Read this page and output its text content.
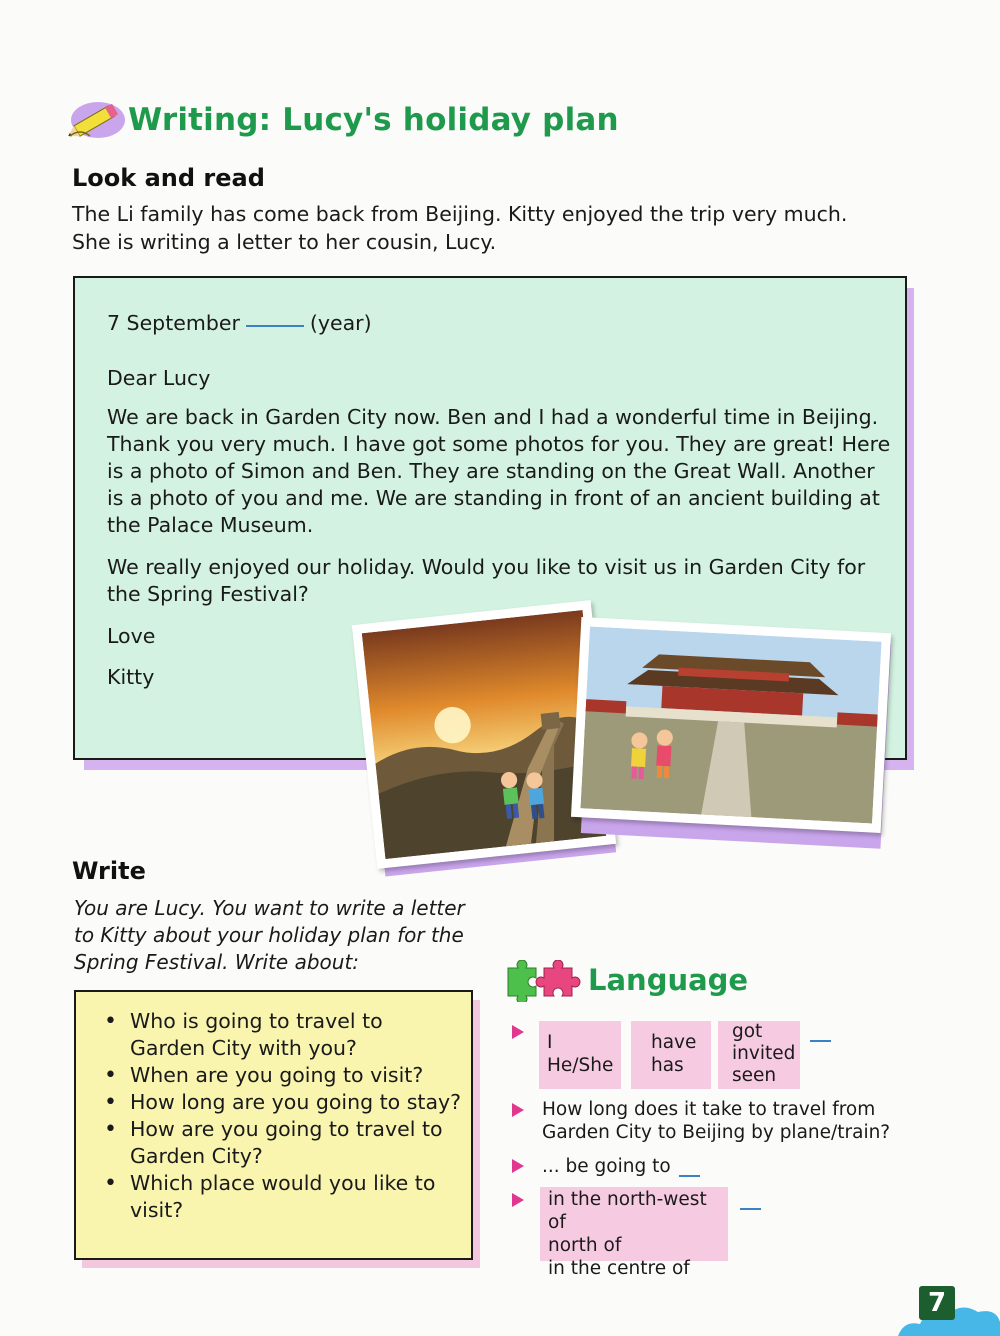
Writing: Lucy's holiday plan
Look and read
The Li family has come back from Beijing. Kitty enjoyed the trip very much. She is writing a letter to her cousin, Lucy.
7 September	(year)
Dear Lucy
We are back in Garden City now. Ben and I had a wonderful time in Beijing. Thank you very much. I have got some photos for you. They are great! Here is a photo of Simon and Ben. They are standing on the Great Wall. Another is a photo of you and me. We are standing in front of an ancient building at the Palace Museum.
We really enjoyed our holiday. Would you like to visit us in Garden City for the Spring Festival?
Love
Kitty
Write
You are Lucy. You want to write a letter to Kitty about your holiday plan for the Spring Festival. Write about:
• Who is going to travel to Garden City with you?
• When are you going to visit?
• How long are you going to stay?
• How are you going to travel to Garden City?
• Which place would you like to visit?
Language
I
He/She
have
has
got
invited
seen
How long does it take to travel from
Garden City to Beijing by plane/train?
... be going to
in the north-west of
north of
in the centre of
7
